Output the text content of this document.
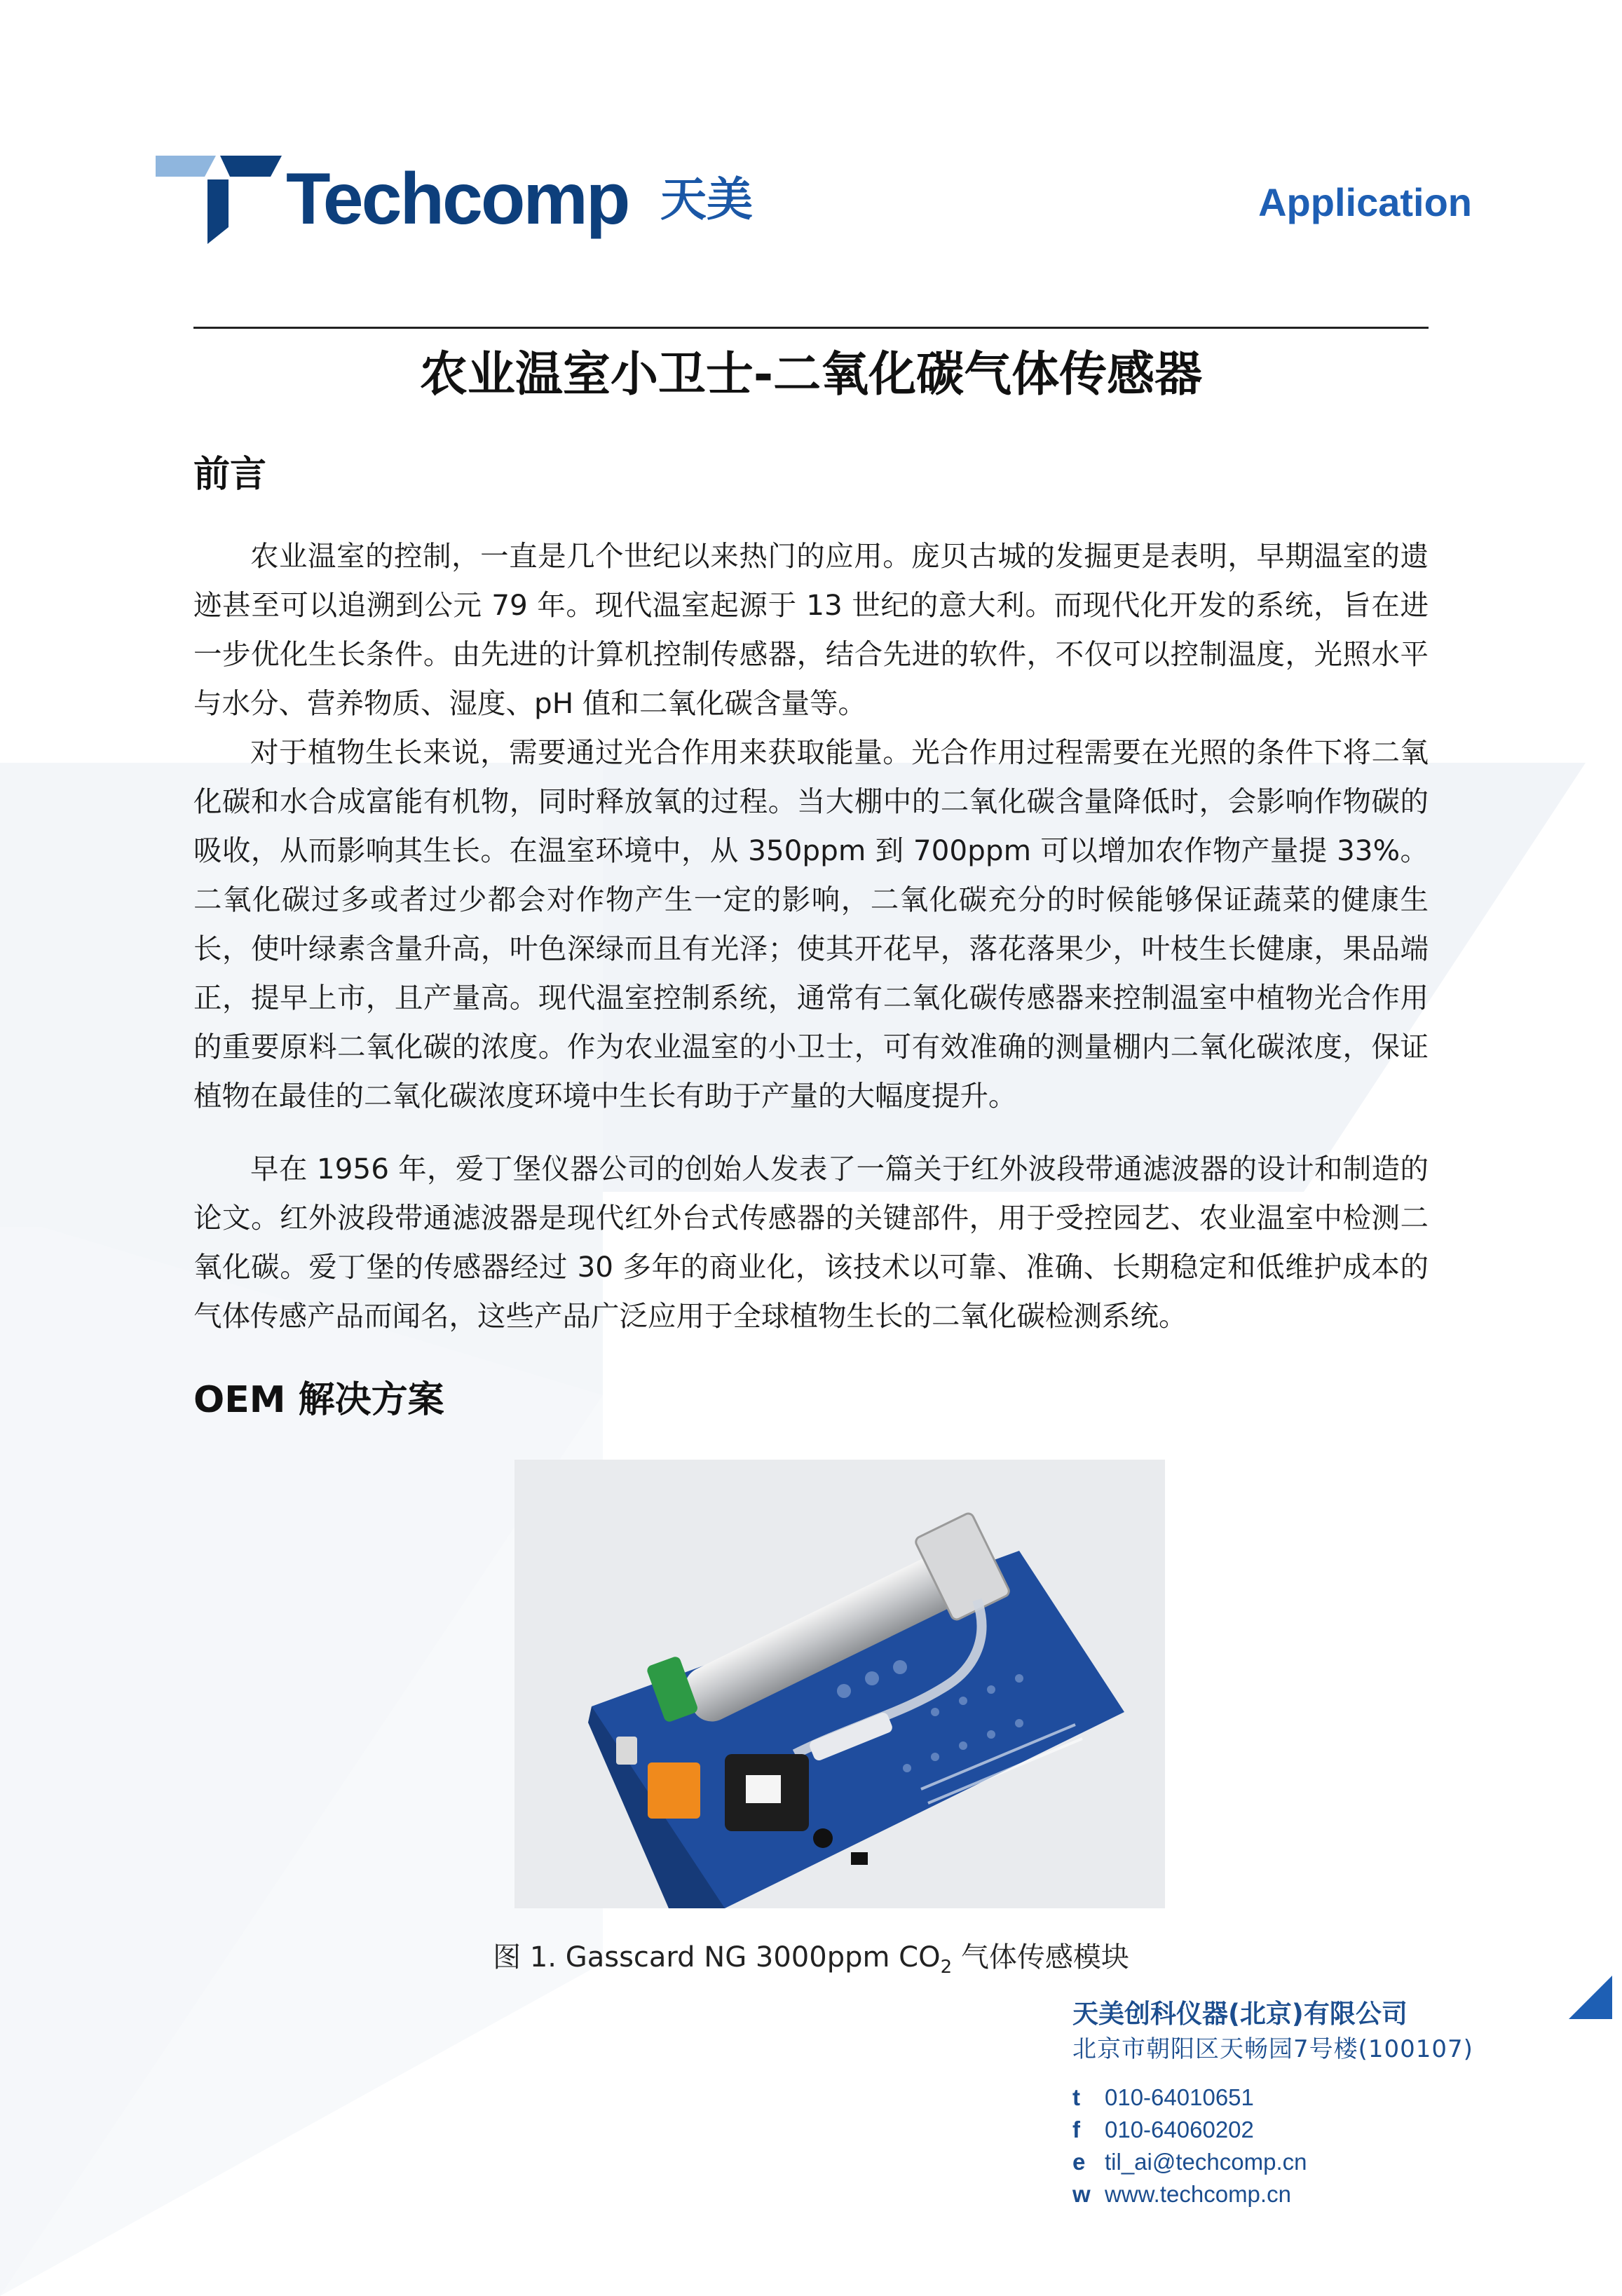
Techcomp 天美	Application
农业温室小卫士-二氧化碳气体传感器
前言
农业温室的控制，一直是几个世纪以来热门的应用。庞贝古城的发掘更是表明，早期温室的遗迹甚至可以追溯到公元 79 年。现代温室起源于 13 世纪的意大利。而现代化开发的系统，旨在进一步优化生长条件。由先进的计算机控制传感器，结合先进的软件，不仅可以控制温度，光照水平与水分、营养物质、湿度、pH 值和二氧化碳含量等。
对于植物生长来说，需要通过光合作用来获取能量。光合作用过程需要在光照的条件下将二氧化碳和水合成富能有机物，同时释放氧的过程。当大棚中的二氧化碳含量降低时，会影响作物碳的吸收，从而影响其生长。在温室环境中，从 350ppm 到 700ppm 可以增加农作物产量提 33%。二氧化碳过多或者过少都会对作物产生一定的影响，二氧化碳充分的时候能够保证蔬菜的健康生长，使叶绿素含量升高，叶色深绿而且有光泽；使其开花早，落花落果少，叶枝生长健康，果品端正，提早上市，且产量高。现代温室控制系统，通常有二氧化碳传感器来控制温室中植物光合作用的重要原料二氧化碳的浓度。作为农业温室的小卫士，可有效准确的测量棚内二氧化碳浓度，保证植物在最佳的二氧化碳浓度环境中生长有助于产量的大幅度提升。
早在 1956 年，爱丁堡仪器公司的创始人发表了一篇关于红外波段带通滤波器的设计和制造的论文。红外波段带通滤波器是现代红外台式传感器的关键部件，用于受控园艺、农业温室中检测二氧化碳。爱丁堡的传感器经过 30 多年的商业化，该技术以可靠、准确、长期稳定和低维护成本的气体传感产品而闻名，这些产品广泛应用于全球植物生长的二氧化碳检测系统。
OEM 解决方案
图 1. Gasscard NG 3000ppm $CO_2$ 气体传感模块
天美创科仪器(北京)有限公司
北京市朝阳区天畅园7号楼(100107)
t 010-64010651
f 010-64060202
e til_ai@techcomp.cn
w www.techcomp.cn
